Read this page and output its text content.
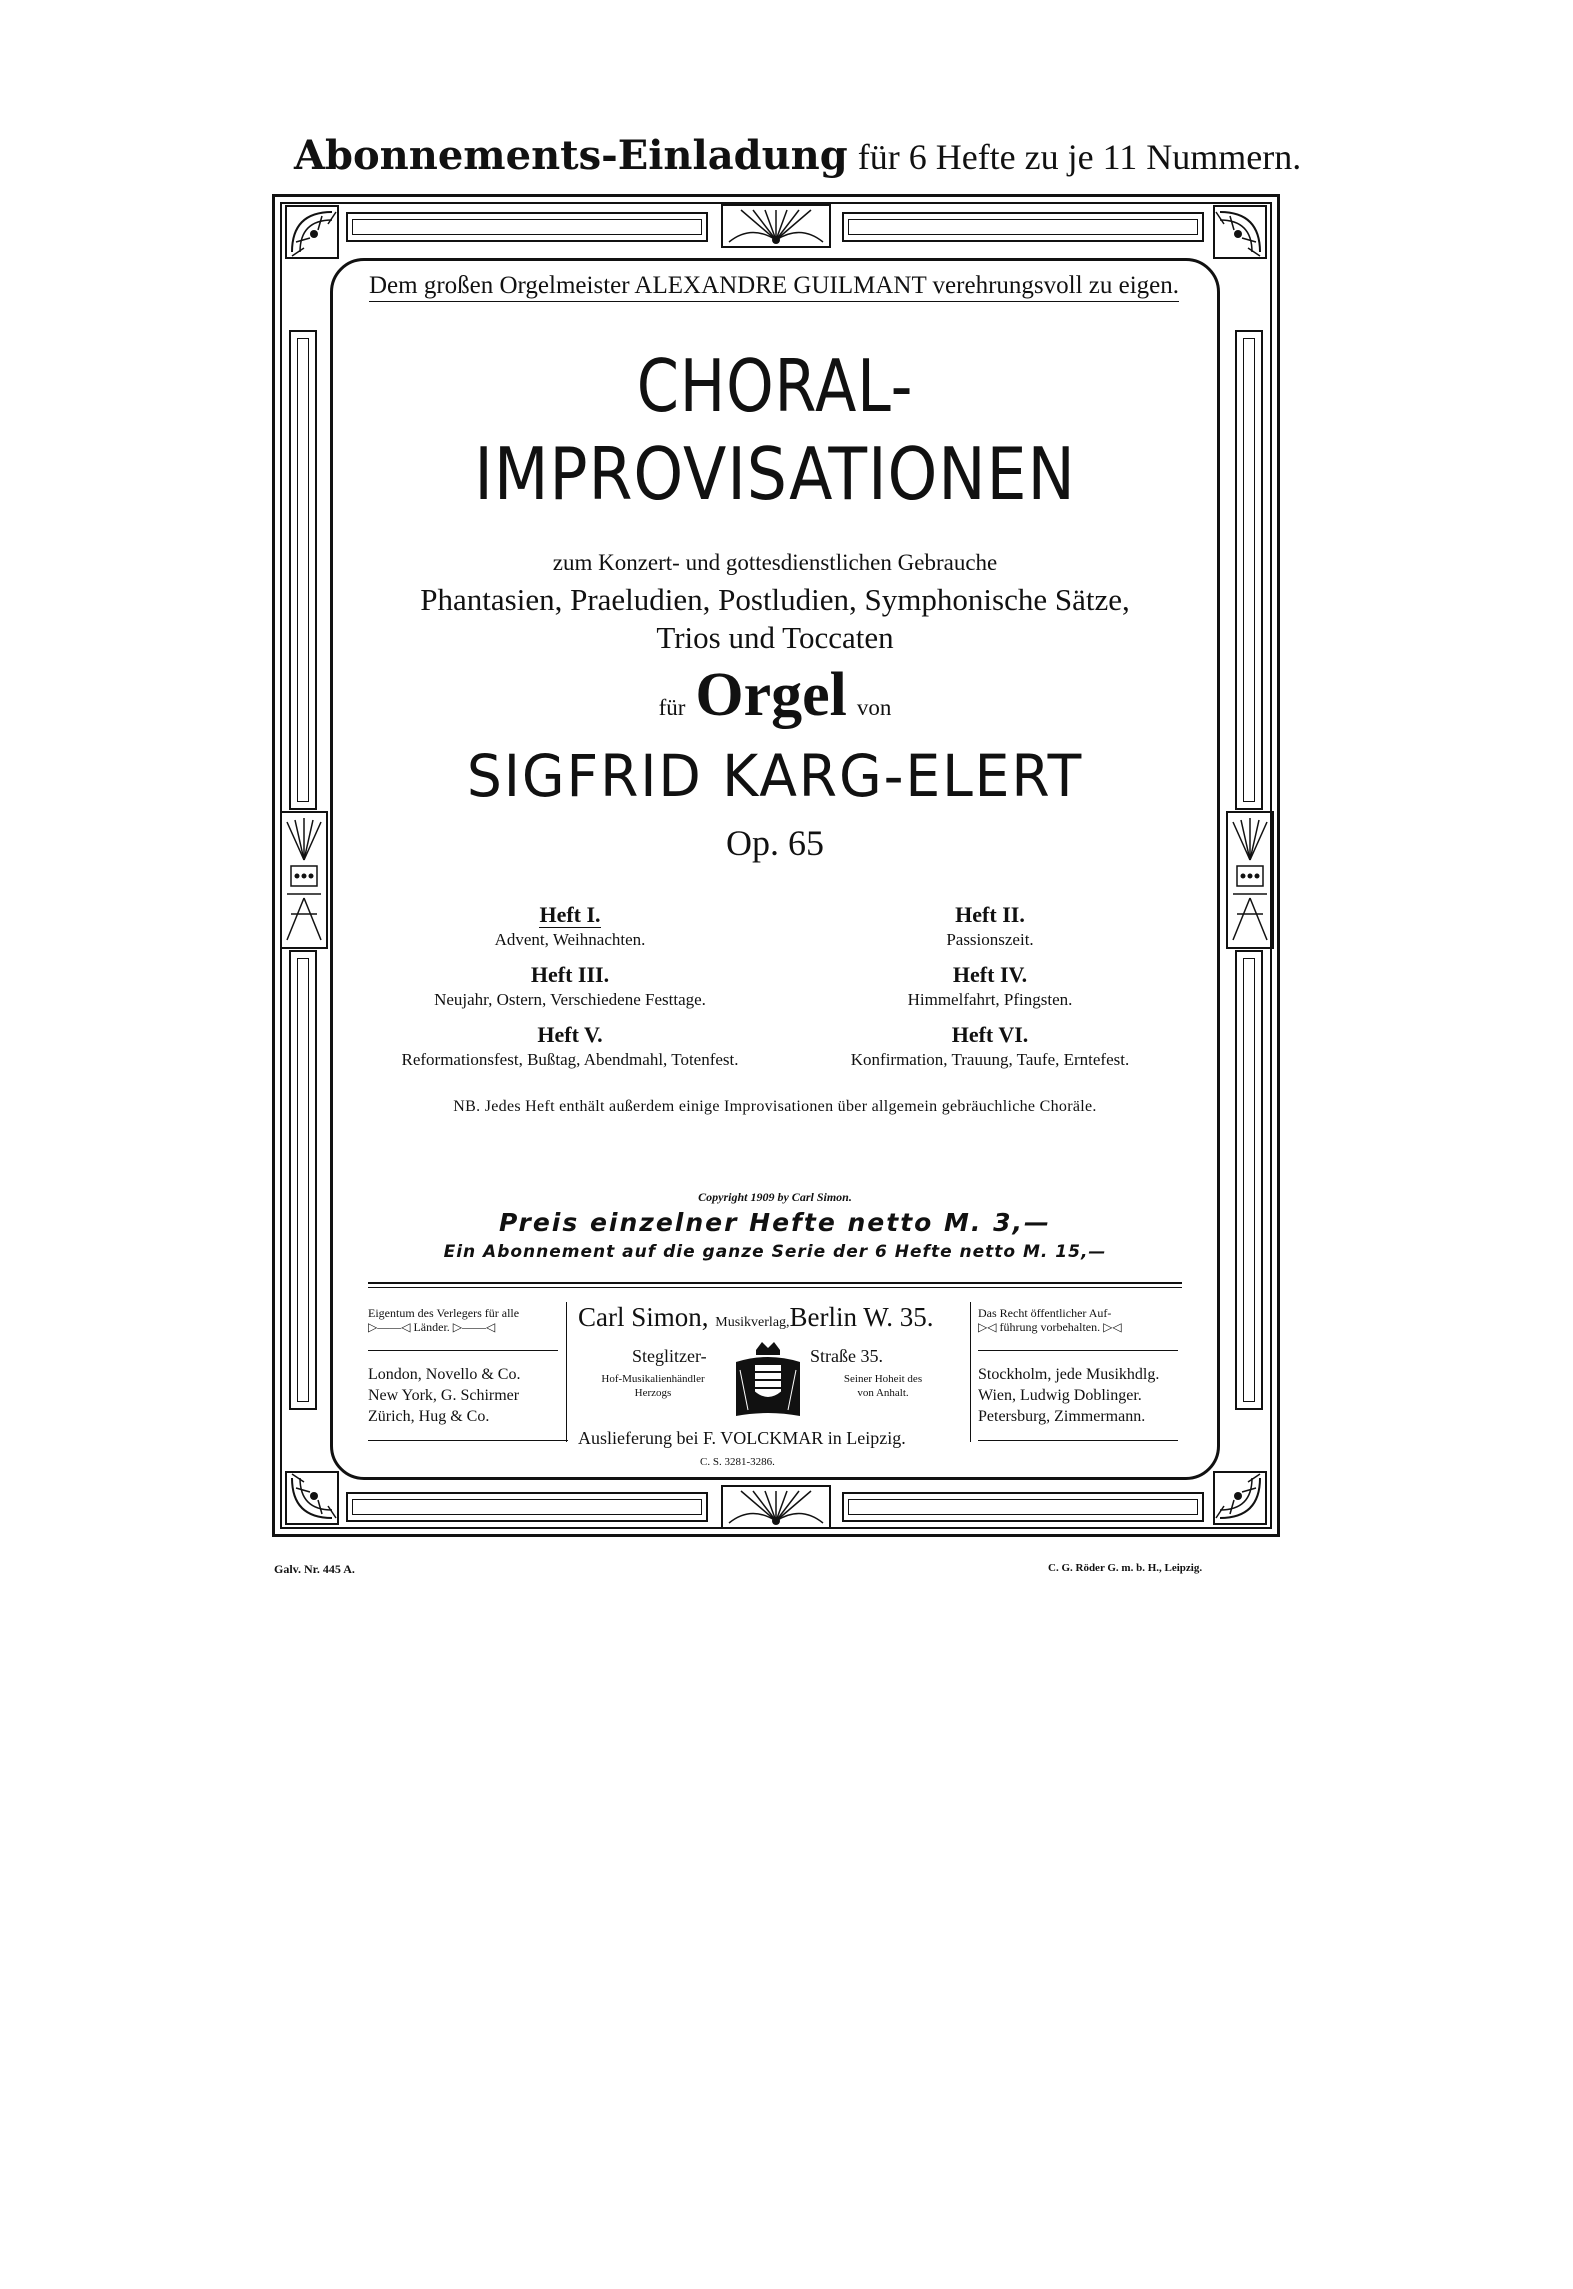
Abonnements-Einladung für 6 Hefte zu je 11 Nummern.
Dem großen Orgelmeister ALEXANDRE GUILMANT verehrungsvoll zu eigen.
CHORAL-
IMPROVISATIONEN
zum Konzert- und gottesdienstlichen Gebrauche
Phantasien, Praeludien, Postludien, Symphonische Sätze,
Trios und Toccaten
für Orgel von
SIGFRID KARG-ELERT
Op. 65
Heft I.
Advent, Weihnachten.
Heft II.
Passionszeit.
Heft III.
Neujahr, Ostern, Verschiedene Festtage.
Heft IV.
Himmelfahrt, Pfingsten.
Heft V.
Reformationsfest, Bußtag, Abendmahl, Totenfest.
Heft VI.
Konfirmation, Trauung, Taufe, Erntefest.
NB. Jedes Heft enthält außerdem einige Improvisationen über allgemein gebräuchliche Choräle.
Copyright 1909 by Carl Simon.
Preis einzelner Hefte netto M. 3,—
Ein Abonnement auf die ganze Serie der 6 Hefte netto M. 15,—
Eigentum des Verlegers für alle
▷——◁ Länder. ▷——◁
London, Novello & Co.
New York, G. Schirmer
Zürich, Hug & Co.
Carl Simon, Musikverlag,Berlin W. 35.
Steglitzer-	Straße 35.
Hof-Musikalienhändler
Herzogs
Seiner Hoheit des
von Anhalt.
Auslieferung bei F. VOLCKMAR in Leipzig.
C. S. 3281-3286.
Das Recht öffentlicher Auf-
▷◁ führung vorbehalten. ▷◁
Stockholm, jede Musikhdlg.
Wien, Ludwig Doblinger.
Petersburg, Zimmermann.
Galv. Nr. 445 A.	C. G. Röder G. m. b. H., Leipzig.
